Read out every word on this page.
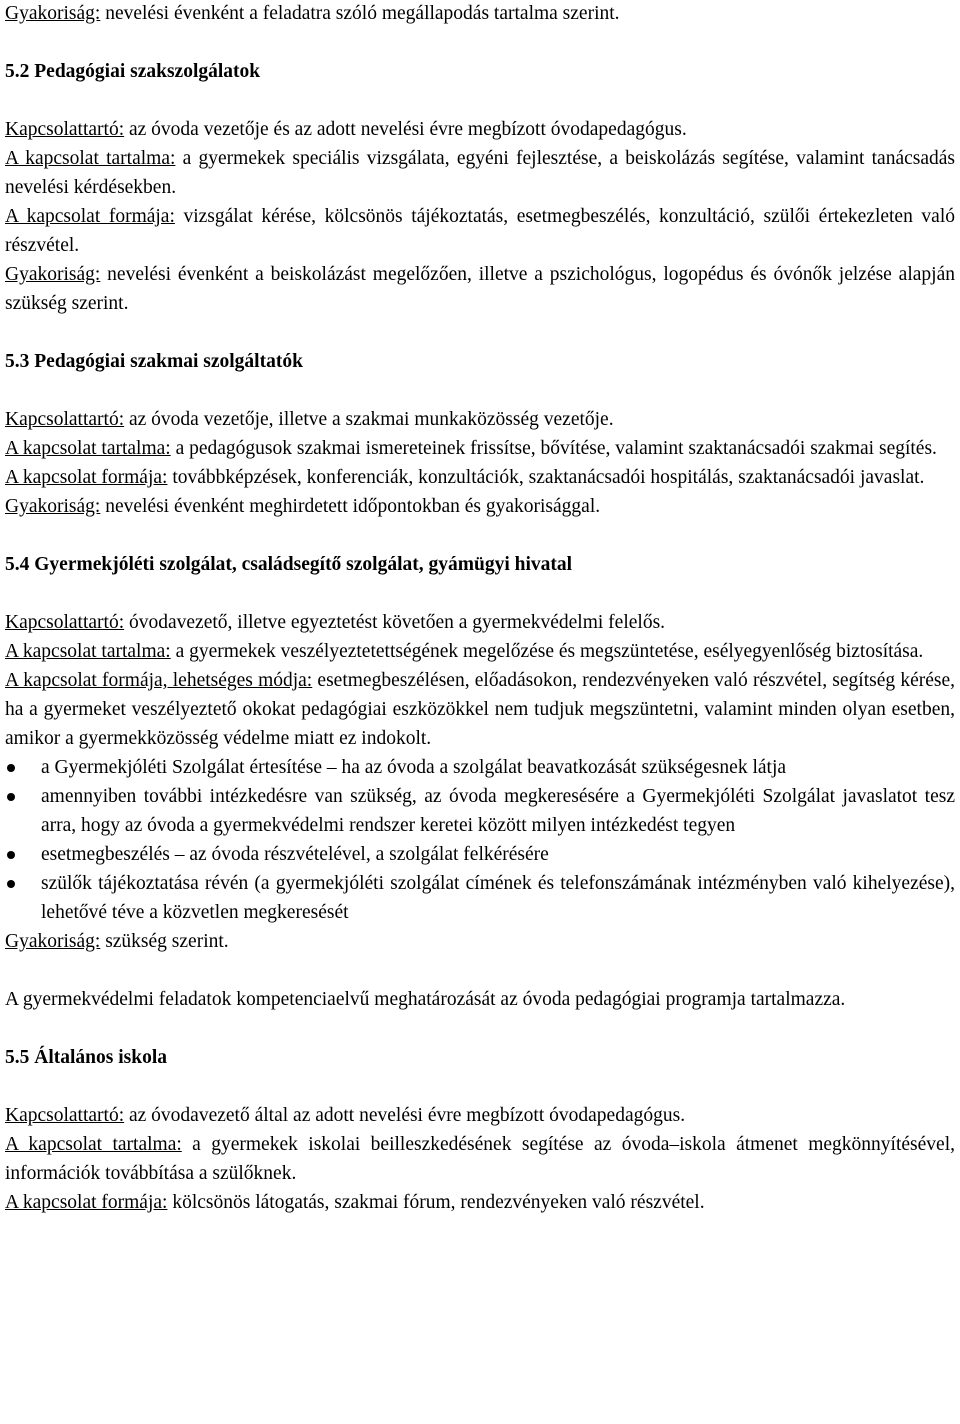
Gyakoriság: nevelési évenként a feladatra szóló megállapodás tartalma szerint.

5.2 Pedagógiai szakszolgálatok

Kapcsolattartó: az óvoda vezetője és az adott nevelési évre megbízott óvodapedagógus.

A kapcsolat tartalma: a gyermekek speciális vizsgálata, egyéni fejlesztése, a beiskolázás segítése, valamint tanácsadás nevelési kérdésekben.

A kapcsolat formája: vizsgálat kérése, kölcsönös tájékoztatás, esetmegbeszélés, konzultáció, szülői értekezleten való részvétel.

Gyakoriság: nevelési évenként a beiskolázást megelőzően, illetve a pszichológus, logopédus és óvónők jelzése alapján szükség szerint.

5.3 Pedagógiai szakmai szolgáltatók

Kapcsolattartó: az óvoda vezetője, illetve a szakmai munkaközösség vezetője.

A kapcsolat tartalma: a pedagógusok szakmai ismereteinek frissítse, bővítése, valamint szaktanácsadói szakmai segítés.

A kapcsolat formája: továbbképzések, konferenciák, konzultációk, szaktanácsadói hospitálás, szaktanácsadói javaslat.

Gyakoriság: nevelési évenként meghirdetett időpontokban és gyakorisággal.

5.4 Gyermekjóléti szolgálat, családsegítő szolgálat, gyámügyi hivatal

Kapcsolattartó: óvodavezető, illetve egyeztetést követően a gyermekvédelmi felelős.

A kapcsolat tartalma: a gyermekek veszélyeztetettségének megelőzése és megszüntetése, esélyegyenlőség biztosítása.

A kapcsolat formája, lehetséges módja: esetmegbeszélésen, előadásokon, rendezvényeken való részvétel, segítség kérése, ha a gyermeket veszélyeztető okokat pedagógiai eszközökkel nem tudjuk megszüntetni, valamint minden olyan esetben, amikor a gyermekközösség védelme miatt ez indokolt.

a Gyermekjóléti Szolgálat értesítése – ha az óvoda a szolgálat beavatkozását szükségesnek látja
amennyiben további intézkedésre van szükség, az óvoda megkeresésére a Gyermekjóléti Szolgálat javaslatot tesz arra, hogy az óvoda a gyermekvédelmi rendszer keretei között milyen intézkedést tegyen
esetmegbeszélés – az óvoda részvételével, a szolgálat felkérésére
szülők tájékoztatása révén (a gyermekjóléti szolgálat címének és telefonszámának intézményben való kihelyezése), lehetővé téve a közvetlen megkeresését

Gyakoriság: szükség szerint.

A gyermekvédelmi feladatok kompetenciaelvű meghatározását az óvoda pedagógiai programja tartalmazza.

5.5 Általános iskola

Kapcsolattartó: az óvodavezető által az adott nevelési évre megbízott óvodapedagógus.

A kapcsolat tartalma: a gyermekek iskolai beilleszkedésének segítése az óvoda–iskola átmenet megkönnyítésével, információk továbbítása a szülőknek.

A kapcsolat formája: kölcsönös látogatás, szakmai fórum, rendezvényeken való részvétel.
